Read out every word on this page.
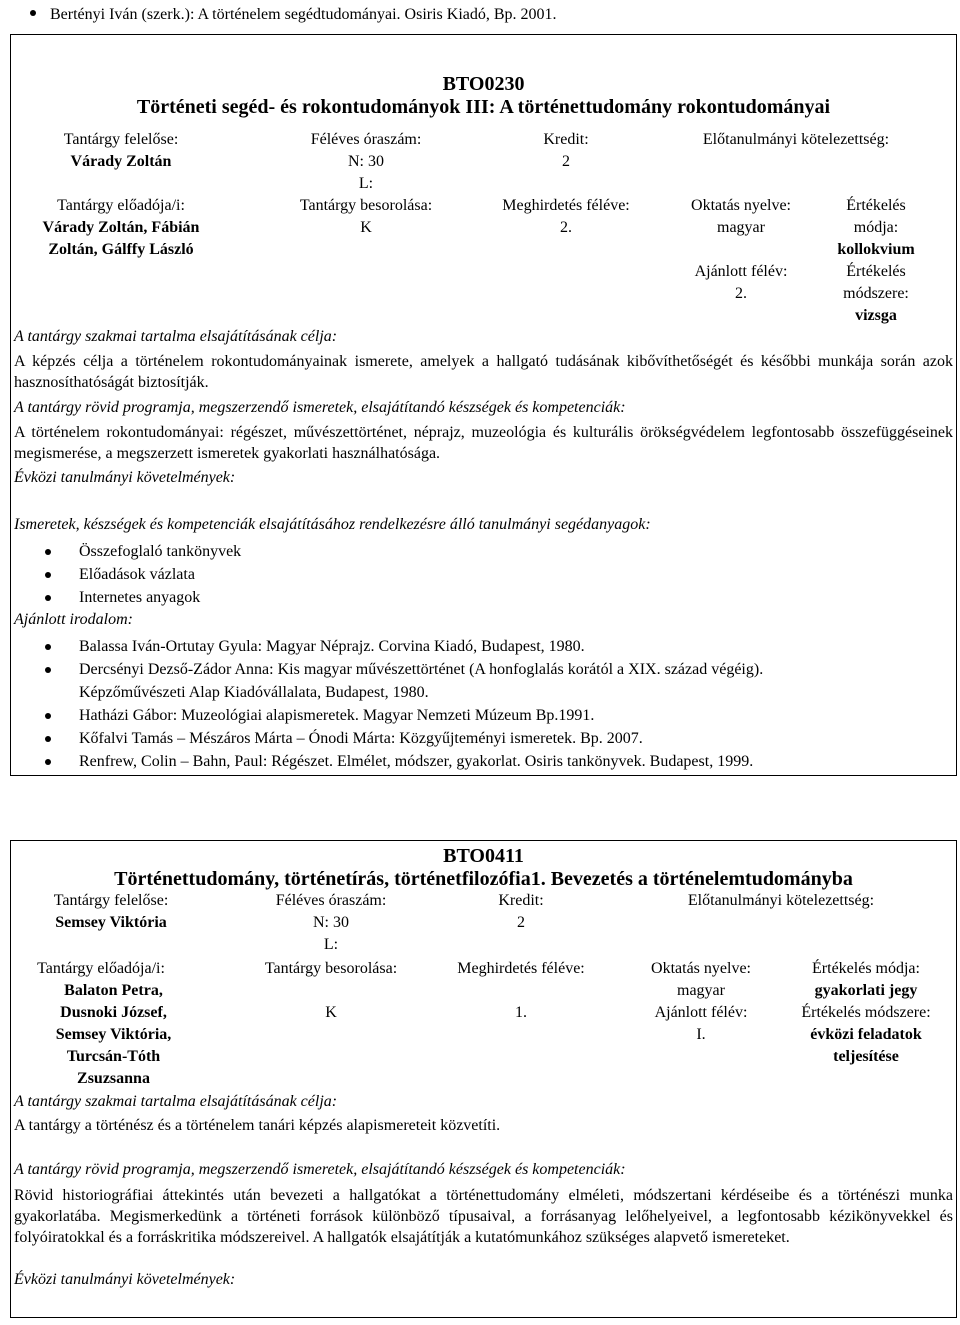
Bertényi Iván (szerk.): A történelem segédtudományai. Osiris Kiadó, Bp. 2001.
BTO0230
Történeti segéd- és rokontudományok III: A történettudomány rokontudományai
Tantárgy felelőse:
Várady Zoltán
Féléves óraszám:
N: 30
L:
Kredit:
2
Előtanulmányi kötelezettség:
Tantárgy előadója/i:
Várady Zoltán, Fábián
Zoltán, Gálffy László
Tantárgy besorolása:
K
Meghirdetés féléve:
2.
Oktatás nyelve:
magyar
Ajánlott félév:
2.
Értékelés
módja:
kollokvium
Értékelés
módszere:
vizsga
A tantárgy szakmai tartalma elsajátításának célja:
A képzés célja a történelem rokontudományainak ismerete, amelyek a hallgató tudásának kibővíthetőségét és későbbi munkája során azok hasznosíthatóságát biztosítják.
A tantárgy rövid programja, megszerzendő ismeretek, elsajátítandó készségek és kompetenciák:
A történelem rokontudományai: régészet, művészettörténet, néprajz, muzeológia és kulturális örökségvédelem legfontosabb összefüggéseinek megismerése, a megszerzett ismeretek gyakorlati használhatósága.
Évközi tanulmányi követelmények:
Ismeretek, készségek és kompetenciák elsajátításához rendelkezésre álló tanulmányi segédanyagok:
Összefoglaló tankönyvek
Előadások vázlata
Internetes anyagok
Ajánlott irodalom:
Balassa Iván-Ortutay Gyula: Magyar Néprajz. Corvina Kiadó, Budapest, 1980.
Dercsényi Dezső-Zádor Anna: Kis magyar művészettörténet (A honfoglalás korától a XIX. század végéig).
Képzőművészeti Alap Kiadóvállalata, Budapest, 1980.
Hatházi Gábor: Muzeológiai alapismeretek. Magyar Nemzeti Múzeum Bp.1991.
Kőfalvi Tamás – Mészáros Márta – Ónodi Márta: Közgyűjteményi ismeretek. Bp. 2007.
Renfrew, Colin – Bahn, Paul: Régészet. Elmélet, módszer, gyakorlat. Osiris tankönyvek. Budapest, 1999.
BTO0411
Történettudomány, történetírás, történetfilozófia1. Bevezetés a történelemtudományba
Tantárgy felelőse:
Semsey Viktória
Féléves óraszám:
N: 30
L:
Kredit:
2
Előtanulmányi kötelezettség:
Tantárgy előadója/i:
Balaton Petra,
Dusnoki József,
Semsey Viktória,
Turcsán-Tóth
Zsuzsanna
Tantárgy besorolása:
K
Meghirdetés féléve:
1.
Oktatás nyelve:
magyar
Ajánlott félév:
I.
Értékelés módja:
gyakorlati jegy
Értékelés módszere:
évközi feladatok
teljesítése
A tantárgy szakmai tartalma elsajátításának célja:
A tantárgy a történész és a történelem tanári képzés alapismereteit közvetíti.
A tantárgy rövid programja, megszerzendő ismeretek, elsajátítandó készségek és kompetenciák:
Rövid historiográfiai áttekintés után bevezeti a hallgatókat a történettudomány elméleti, módszertani kérdéseibe és a történészi munka gyakorlatába. Megismerkedünk a történeti források különböző típusaival, a forrásanyag lelőhelyeivel, a legfontosabb kézikönyvekkel és folyóiratokkal és a forráskritika módszereivel. A hallgatók elsajátítják a kutatómunkához szükséges alapvető ismereteket.
Évközi tanulmányi követelmények:
